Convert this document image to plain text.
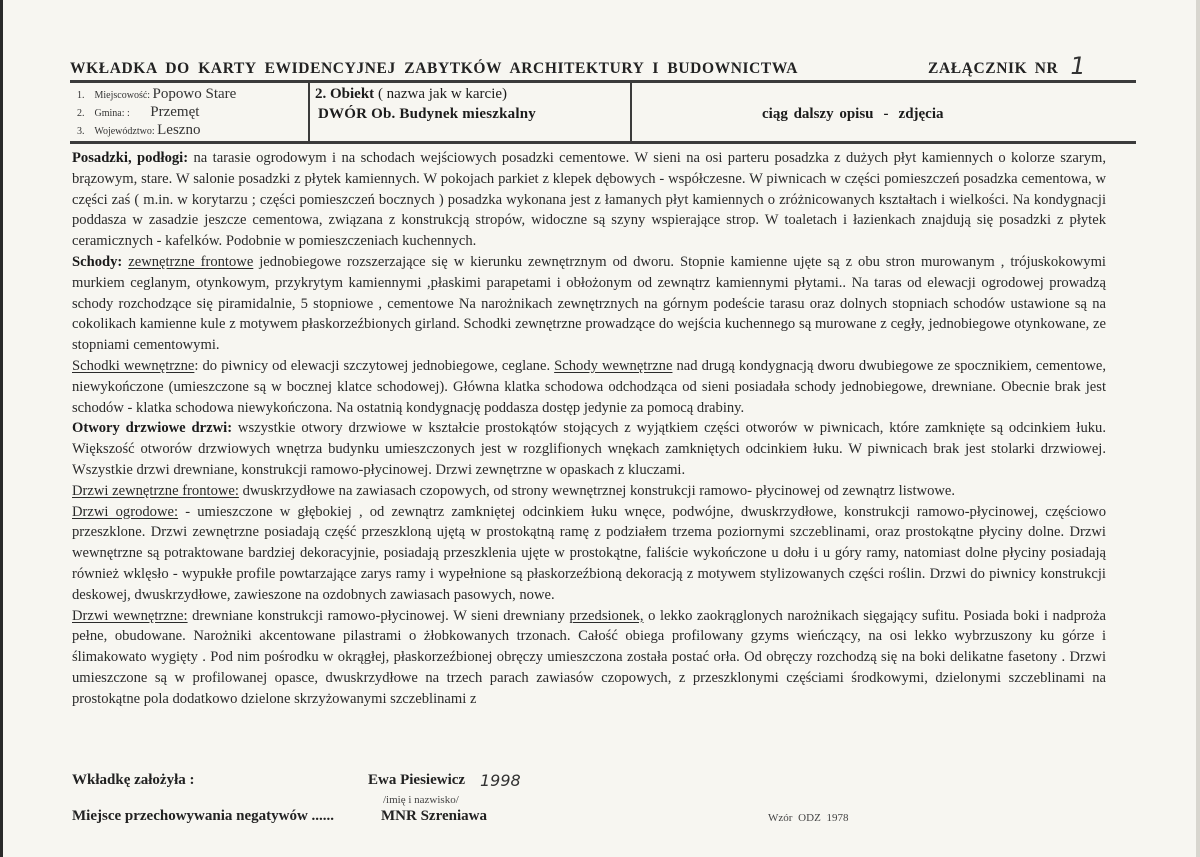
WKŁADKA DO KARTY EWIDENCYJNEJ ZABYTKÓW ARCHITEKTURY I BUDOWNICTWA	ZAŁĄCZNIK NR 1
1. Miejscowość: Popowo Stare
2. Gmina: : Przemęt
3. Województwo: Leszno
2. Obiekt ( nazwa jak w karcie)
DWÓR Ob. Budynek mieszkalny	ciąg dalszy opisu - zdjęcia

Posadzki, podłogi: na tarasie ogrodowym i na schodach wejściowych posadzki cementowe. W sieni na osi parteru posadzka z dużych płyt kamiennych o kolorze szarym, brązowym, stare. W salonie posadzki z płytek kamiennych. W pokojach parkiet z klepek dębowych - współczesne. W piwnicach w części pomieszczeń posadzka cementowa, w części zaś ( m.in. w korytarzu ; części pomieszczeń bocznych ) posadzka wykonana jest z łamanych płyt kamiennych o zróżnicowanych kształtach i wielkości. Na kondygnacji poddasza w zasadzie jeszcze cementowa, związana z konstrukcją stropów, widoczne są szyny wspierające strop. W toaletach i łazienkach znajdują się posadzki z płytek ceramicznych - kafelków. Podobnie w pomieszczeniach kuchennych.

Schody: zewnętrzne frontowe jednobiegowe rozszerzające się w kierunku zewnętrznym od dworu. Stopnie kamienne ujęte są z obu stron murowanym , trójuskokowymi murkiem ceglanym, otynkowym, przykrytym kamiennymi ,płaskimi parapetami i obłożonym od zewnątrz kamiennymi płytami.. Na taras od elewacji ogrodowej prowadzą schody rozchodzące się piramidalnie, 5 stopniowe , cementowe Na narożnikach zewnętrznych na górnym podeście tarasu oraz dolnych stopniach schodów ustawione są na cokolikach kamienne kule z motywem płaskorzeźbionych girland. Schodki zewnętrzne prowadzące do wejścia kuchennego są murowane z cegły, jednobiegowe otynkowane, ze stopniami cementowymi.

Schodki wewnętrzne: do piwnicy od elewacji szczytowej jednobiegowe, ceglane. Schody wewnętrzne nad drugą kondygnacją dworu dwubiegowe ze spocznikiem, cementowe, niewykończone (umieszczone są w bocznej klatce schodowej). Główna klatka schodowa odchodząca od sieni posiadała schody jednobiegowe, drewniane. Obecnie brak jest schodów - klatka schodowa niewykończona. Na ostatnią kondygnację poddasza dostęp jedynie za pomocą drabiny.

Otwory drzwiowe drzwi: wszystkie otwory drzwiowe w kształcie prostokątów stojących z wyjątkiem części otworów w piwnicach, które zamknięte są odcinkiem łuku. Większość otworów drzwiowych wnętrza budynku umieszczonych jest w rozglifionych wnękach zamkniętych odcinkiem łuku. W piwnicach brak jest stolarki drzwiowej. Wszystkie drzwi drewniane, konstrukcji ramowo-płycinowej. Drzwi zewnętrzne w opaskach z kluczami.

Drzwi zewnętrzne frontowe: dwuskrzydłowe na zawiasach czopowych, od strony wewnętrznej konstrukcji ramowo- płycinowej od zewnątrz listwowe.

Drzwi ogrodowe: - umieszczone w głębokiej , od zewnątrz zamkniętej odcinkiem łuku wnęce, podwójne, dwuskrzydłowe, konstrukcji ramowo-płycinowej, częściowo przeszklone. Drzwi zewnętrzne posiadają część przeszkloną ujętą w prostokątną ramę z podziałem trzema poziornymi szczeblinami, oraz prostokątne płyciny dolne. Drzwi wewnętrzne są potraktowane bardziej dekoracyjnie, posiadają przeszklenia ujęte w prostokątne, faliście wykończone u dołu i u góry ramy, natomiast dolne płyciny posiadają również wklęsło - wypukłe profile powtarzające zarys ramy i wypełnione są płaskorzeźbioną dekoracją z motywem stylizowanych części roślin. Drzwi do piwnicy konstrukcji deskowej, dwuskrzydłowe, zawieszone na ozdobnych zawiasach pasowych, nowe.

Drzwi wewnętrzne: drewniane konstrukcji ramowo-płycinowej. W sieni drewniany przedsionek, o lekko zaokrąglonych narożnikach sięgający sufitu. Posiada boki i nadproża pełne, obudowane. Narożniki akcentowane pilastrami o żłobkowanych trzonach. Całość obiega profilowany gzyms wieńczący, na osi lekko wybrzuszony ku górze i ślimakowato wygięty . Pod nim pośrodku w okrągłej, płaskorzeźbionej obręczy umieszczona została postać orła. Od obręczy rozchodzą się na boki delikatne fasetony . Drzwi umieszczone są w profilowanej opasce, dwuskrzydłowe na trzech parach zawiasów czopowych, z przeszklonymi częściami środkowymi, dzielonymi szczeblinami na prostokątne pola dodatkowo dzielone skrzyżowanymi szczeblinami z

Wkładkę założyła :	Ewa Piesiewicz 1998
/imię i nazwisko/
Miejsce przechowywania negatywów ......	MNR Szreniawa	Wzór ODZ 1978
